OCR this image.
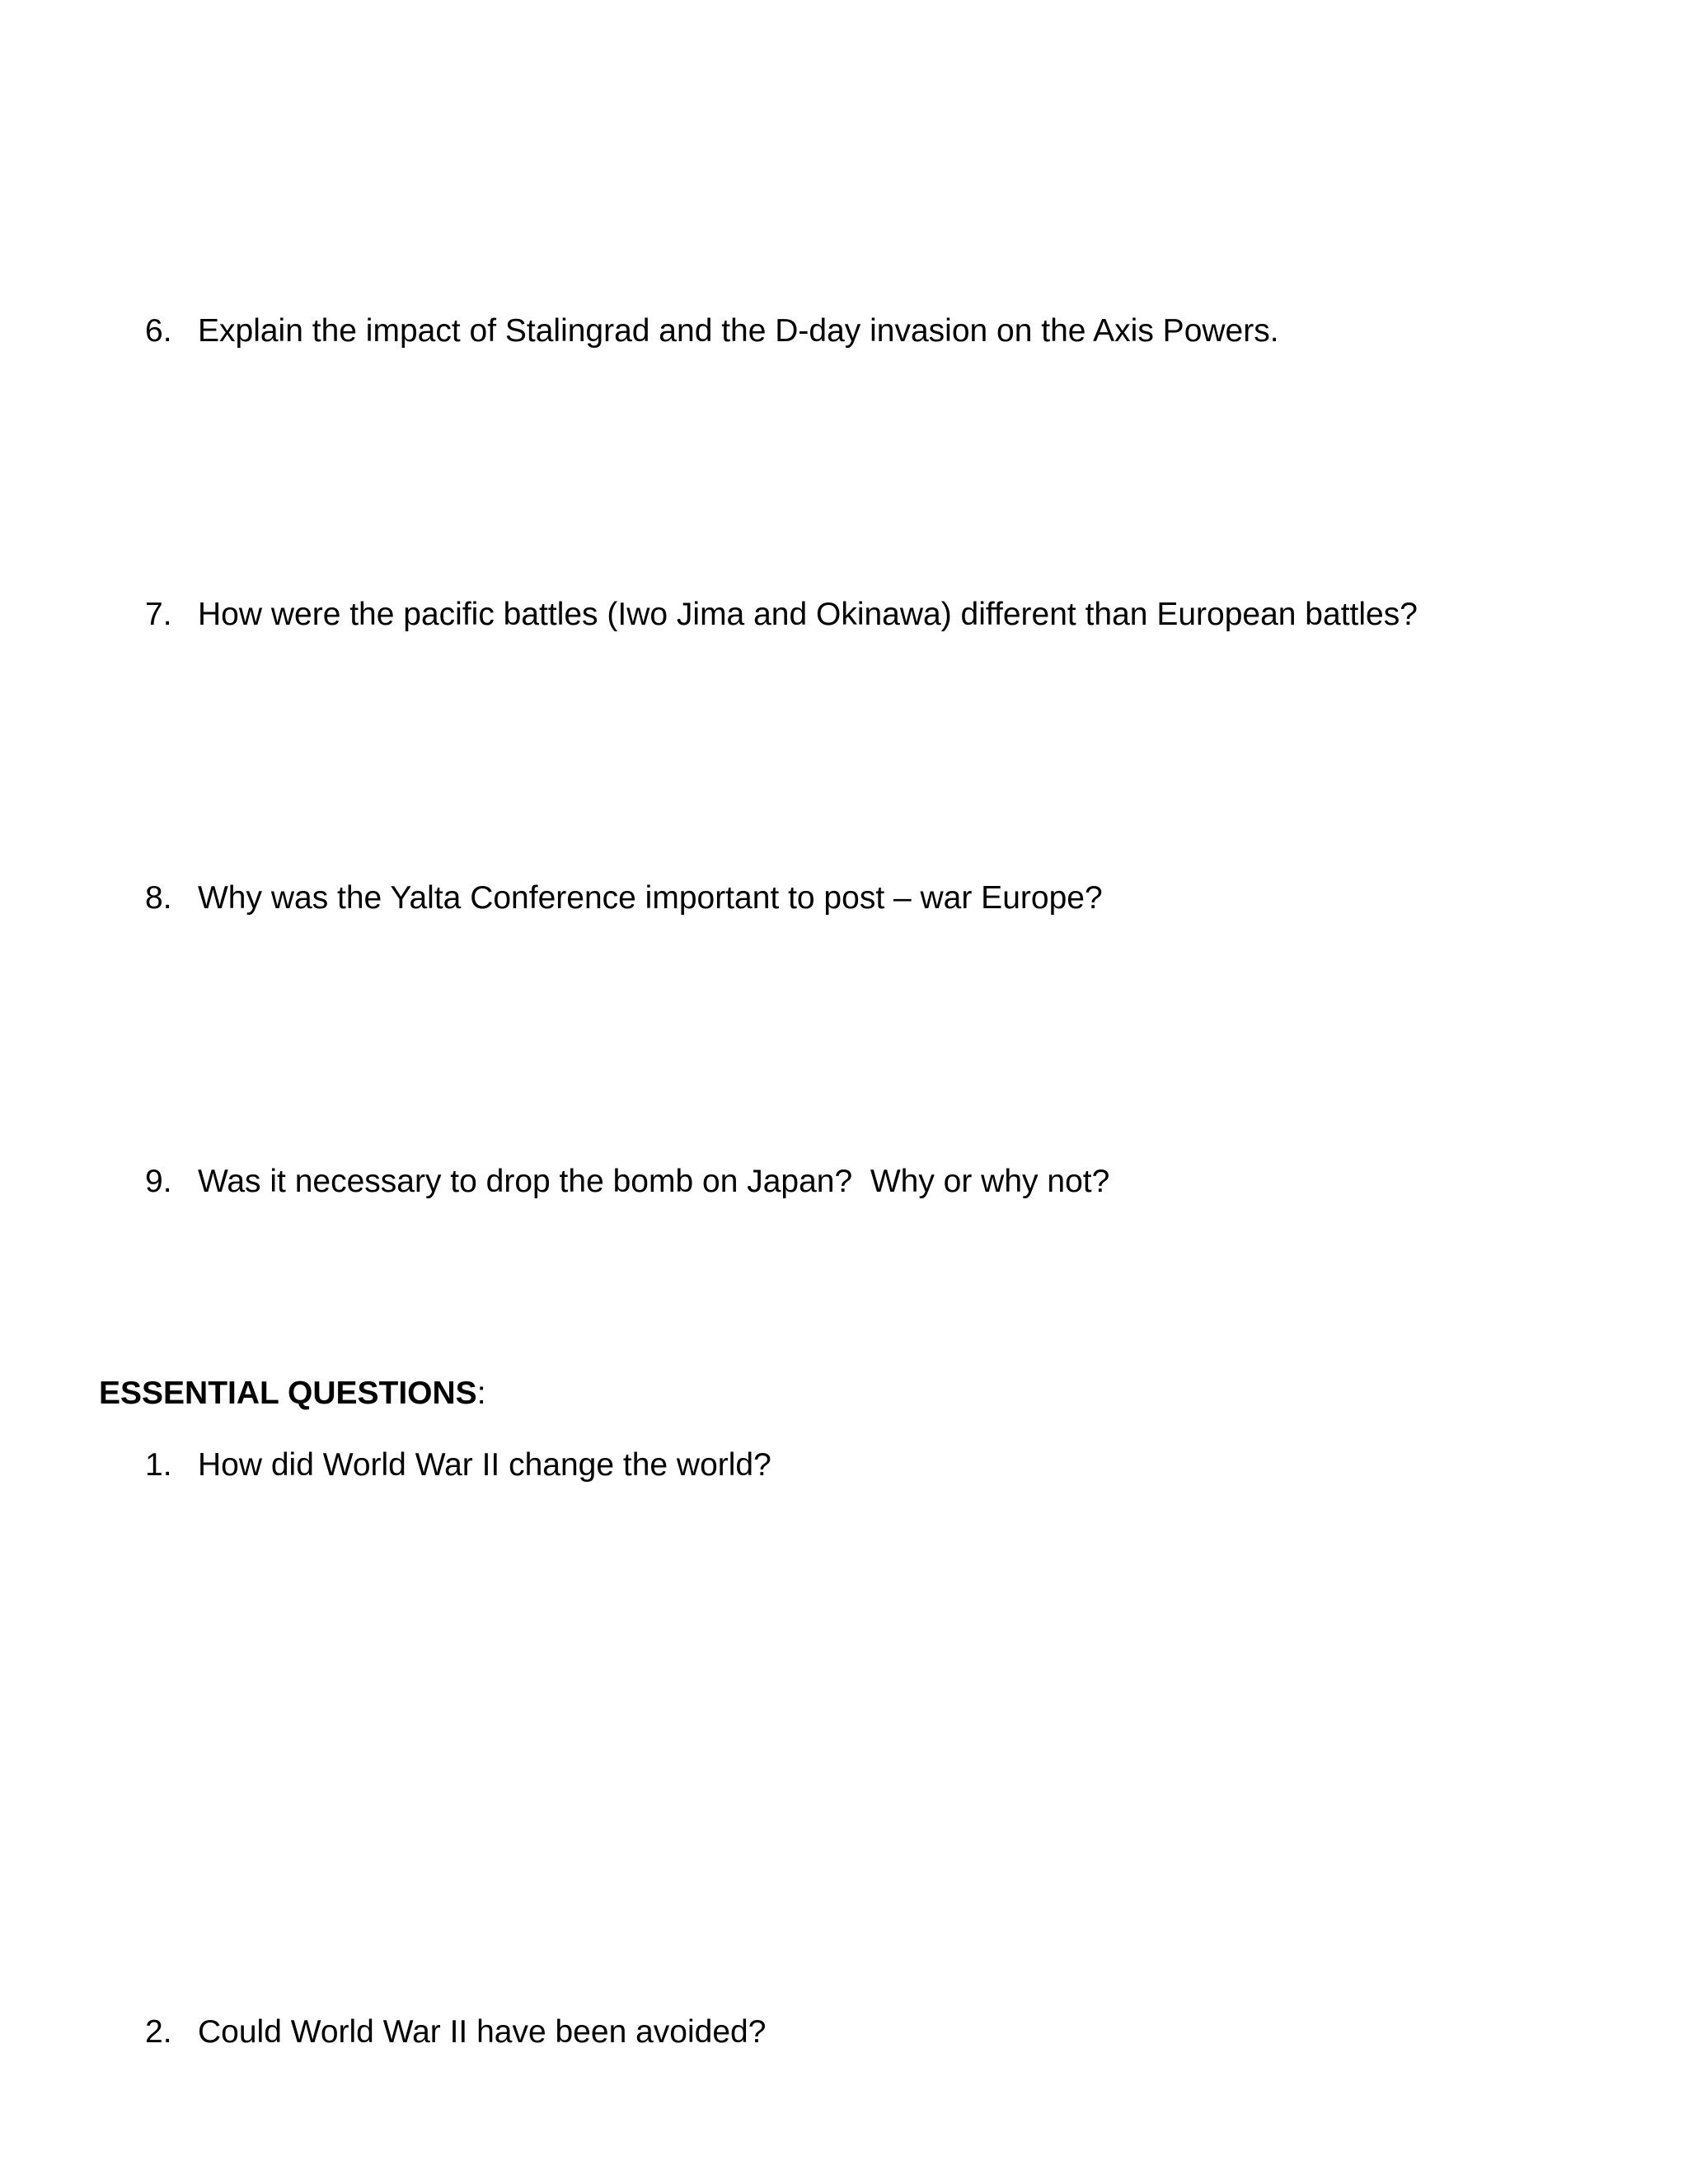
6. Explain the impact of Stalingrad and the D-day invasion on the Axis Powers.
7. How were the pacific battles (Iwo Jima and Okinawa) different than European battles?
8. Why was the Yalta Conference important to post – war Europe?
9. Was it necessary to drop the bomb on Japan?  Why or why not?
ESSENTIAL QUESTIONS:
1. How did World War II change the world?
2. Could World War II have been avoided?
